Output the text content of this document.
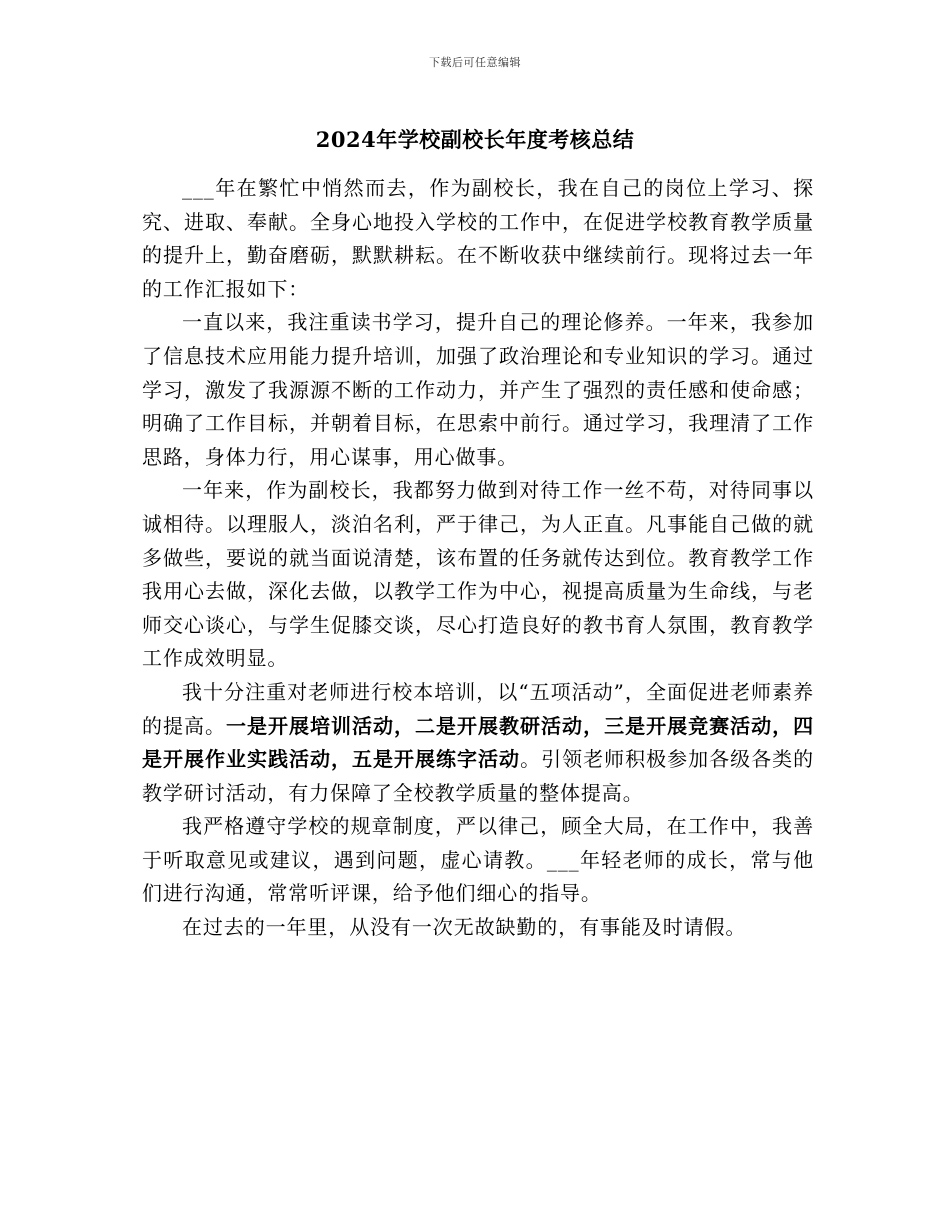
下载后可任意编辑
2024年学校副校长年度考核总结

___年在繁忙中悄然而去，作为副校长，我在自己的岗位上学习、探究、进取、奉献。全身心地投入学校的工作中，在促进学校教育教学质量的提升上，勤奋磨砺，默默耕耘。在不断收获中继续前行。现将过去一年的工作汇报如下：

一直以来，我注重读书学习，提升自己的理论修养。一年来，我参加了信息技术应用能力提升培训，加强了政治理论和专业知识的学习。通过学习，激发了我源源不断的工作动力，并产生了强烈的责任感和使命感；明确了工作目标，并朝着目标，在思索中前行。通过学习，我理清了工作思路，身体力行，用心谋事，用心做事。

一年来，作为副校长，我都努力做到对待工作一丝不苟，对待同事以诚相待。以理服人，淡泊名利，严于律己，为人正直。凡事能自己做的就多做些，要说的就当面说清楚，该布置的任务就传达到位。教育教学工作我用心去做，深化去做，以教学工作为中心，视提高质量为生命线，与老师交心谈心，与学生促膝交谈，尽心打造良好的教书育人氛围，教育教学工作成效明显。

我十分注重对老师进行校本培训，以“五项活动”，全面促进老师素养的提高。一是开展培训活动，二是开展教研活动，三是开展竞赛活动，四是开展作业实践活动，五是开展练字活动。引领老师积极参加各级各类的教学研讨活动，有力保障了全校教学质量的整体提高。

我严格遵守学校的规章制度，严以律己，顾全大局，在工作中，我善于听取意见或建议，遇到问题，虚心请教。___年轻老师的成长，常与他们进行沟通，常常听评课，给予他们细心的指导。

在过去的一年里，从没有一次无故缺勤的，有事能及时请假。
